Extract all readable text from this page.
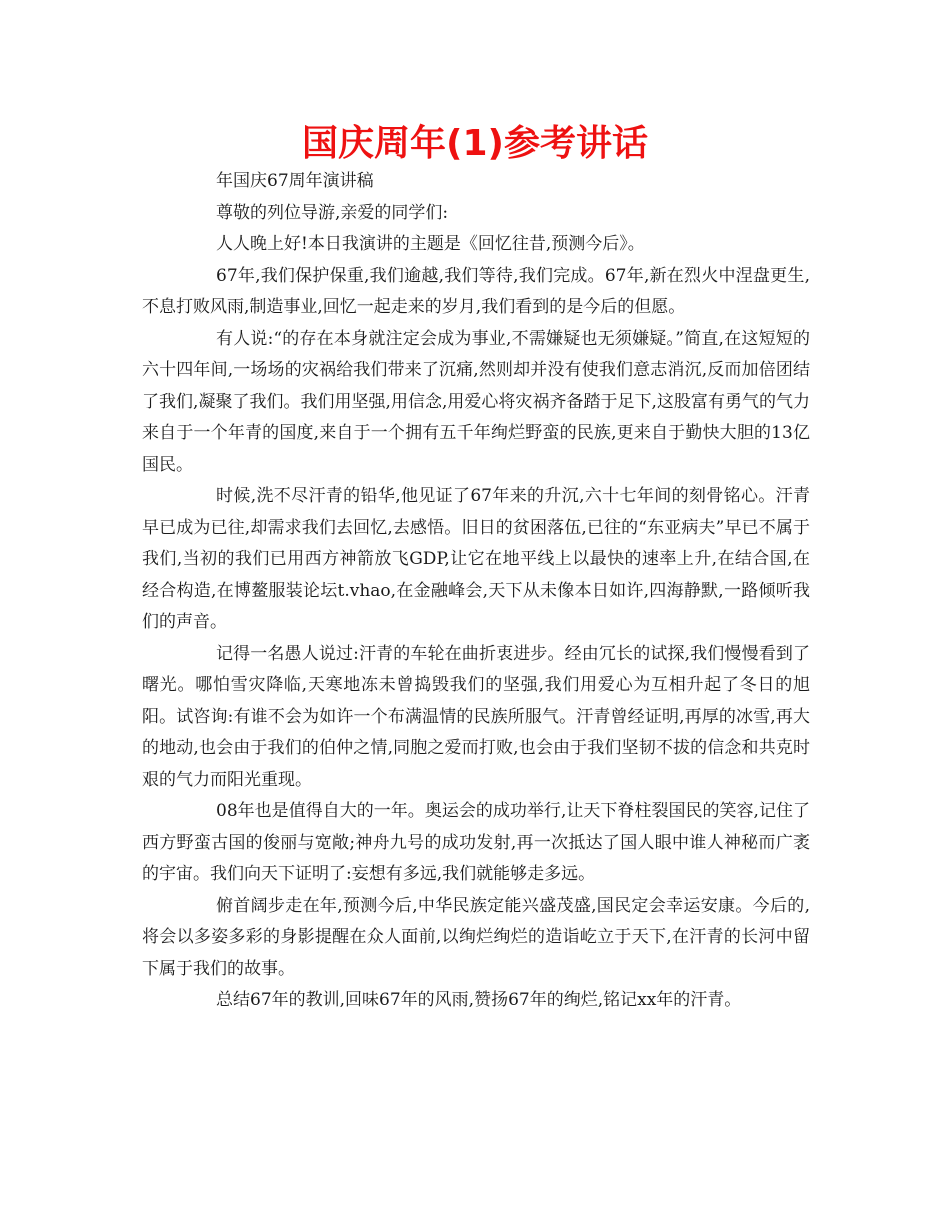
国庆周年(1)参考讲话

年国庆67周年演讲稿

尊敬的列位导游,亲爱的同学们:

人人晚上好!本日我演讲的主题是《回忆往昔,预测今后》。

67年,我们保护保重,我们逾越,我们等待,我们完成。67年,新在烈火中涅盘更生,不息打败风雨,制造事业,回忆一起走来的岁月,我们看到的是今后的但愿。

有人说:“的存在本身就注定会成为事业,不需嫌疑也无须嫌疑。”简直,在这短短的六十四年间,一场场的灾祸给我们带来了沉痛,然则却并没有使我们意志消沉,反而加倍团结了我们,凝聚了我们。我们用坚强,用信念,用爱心将灾祸齐备踏于足下,这股富有勇气的气力来自于一个年青的国度,来自于一个拥有五千年绚烂野蛮的民族,更来自于勤快大胆的13亿国民。

时候,洗不尽汗青的铅华,他见证了67年来的升沉,六十七年间的刻骨铭心。汗青早已成为已往,却需求我们去回忆,去感悟。旧日的贫困落伍,已往的“东亚病夫”早已不属于我们,当初的我们已用西方神箭放飞GDP,让它在地平线上以最快的速率上升,在结合国,在经合构造,在博鳌服装论坛t.vhao,在金融峰会,天下从未像本日如许,四海静默,一路倾听我们的声音。

记得一名愚人说过:汗青的车轮在曲折衷进步。经由冗长的试探,我们慢慢看到了曙光。哪怕雪灾降临,天寒地冻未曾捣毁我们的坚强,我们用爱心为互相升起了冬日的旭阳。试咨询:有谁不会为如许一个布满温情的民族所服气。汗青曾经证明,再厚的冰雪,再大的地动,也会由于我们的伯仲之情,同胞之爱而打败,也会由于我们坚韧不拔的信念和共克时艰的气力而阳光重现。

08年也是值得自大的一年。奥运会的成功举行,让天下脊柱裂国民的笑容,记住了西方野蛮古国的俊丽与宽敞;神舟九号的成功发射,再一次抵达了国人眼中谁人神秘而广袤的宇宙。我们向天下证明了:妄想有多远,我们就能够走多远。

俯首阔步走在年,预测今后,中华民族定能兴盛茂盛,国民定会幸运安康。今后的,将会以多姿多彩的身影提醒在众人面前,以绚烂绚烂的造诣屹立于天下,在汗青的长河中留下属于我们的故事。

总结67年的教训,回味67年的风雨,赞扬67年的绚烂,铭记xx年的汗青。
